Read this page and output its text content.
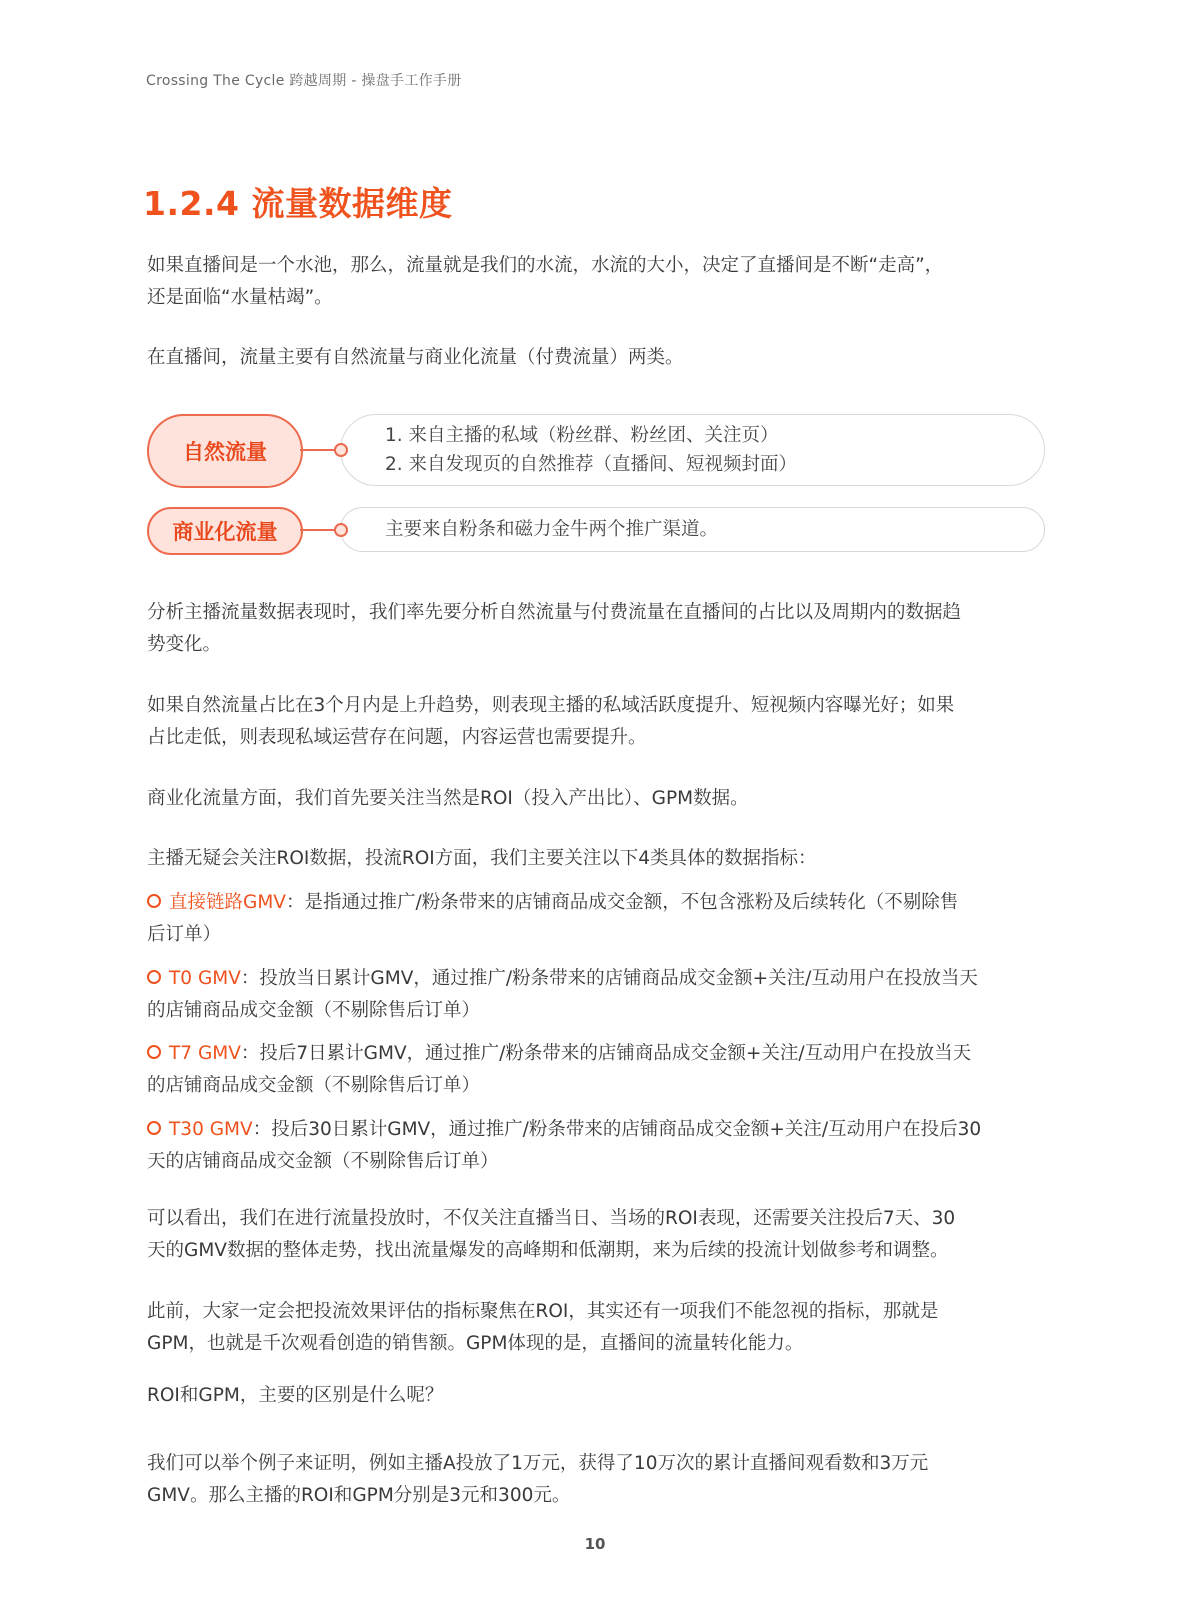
Crossing The Cycle 跨越周期 - 操盘手工作手册
1.2.4 流量数据维度
如果直播间是一个水池，那么，流量就是我们的水流，水流的大小，决定了直播间是不断“走高”，
还是面临“水量枯竭”。
在直播间，流量主要有自然流量与商业化流量（付费流量）两类。
1. 来自主播的私域（粉丝群、粉丝团、关注页）
2. 来自发现页的自然推荐（直播间、短视频封面）
自然流量
主要来自粉条和磁力金牛两个推广渠道。
商业化流量
分析主播流量数据表现时，我们率先要分析自然流量与付费流量在直播间的占比以及周期内的数据趋
势变化。
如果自然流量占比在3个月内是上升趋势，则表现主播的私域活跃度提升、短视频内容曝光好；如果
占比走低，则表现私域运营存在问题，内容运营也需要提升。
商业化流量方面，我们首先要关注当然是ROI（投入产出比）、GPM数据。
主播无疑会关注ROI数据，投流ROI方面，我们主要关注以下4类具体的数据指标：
直接链路GMV：是指通过推广/粉条带来的店铺商品成交金额，不包含涨粉及后续转化（不剔除售
后订单）
T0 GMV：投放当日累计GMV，通过推广/粉条带来的店铺商品成交金额+关注/互动用户在投放当天
的店铺商品成交金额（不剔除售后订单）
T7 GMV：投后7日累计GMV，通过推广/粉条带来的店铺商品成交金额+关注/互动用户在投放当天
的店铺商品成交金额（不剔除售后订单）
T30 GMV：投后30日累计GMV，通过推广/粉条带来的店铺商品成交金额+关注/互动用户在投后30
天的店铺商品成交金额（不剔除售后订单）
可以看出，我们在进行流量投放时，不仅关注直播当日、当场的ROI表现，还需要关注投后7天、30
天的GMV数据的整体走势，找出流量爆发的高峰期和低潮期，来为后续的投流计划做参考和调整。
此前，大家一定会把投流效果评估的指标聚焦在ROI，其实还有一项我们不能忽视的指标，那就是
GPM，也就是千次观看创造的销售额。GPM体现的是，直播间的流量转化能力。
ROI和GPM，主要的区别是什么呢？
我们可以举个例子来证明，例如主播A投放了1万元，获得了10万次的累计直播间观看数和3万元
GMV。那么主播的ROI和GPM分别是3元和300元。
10
